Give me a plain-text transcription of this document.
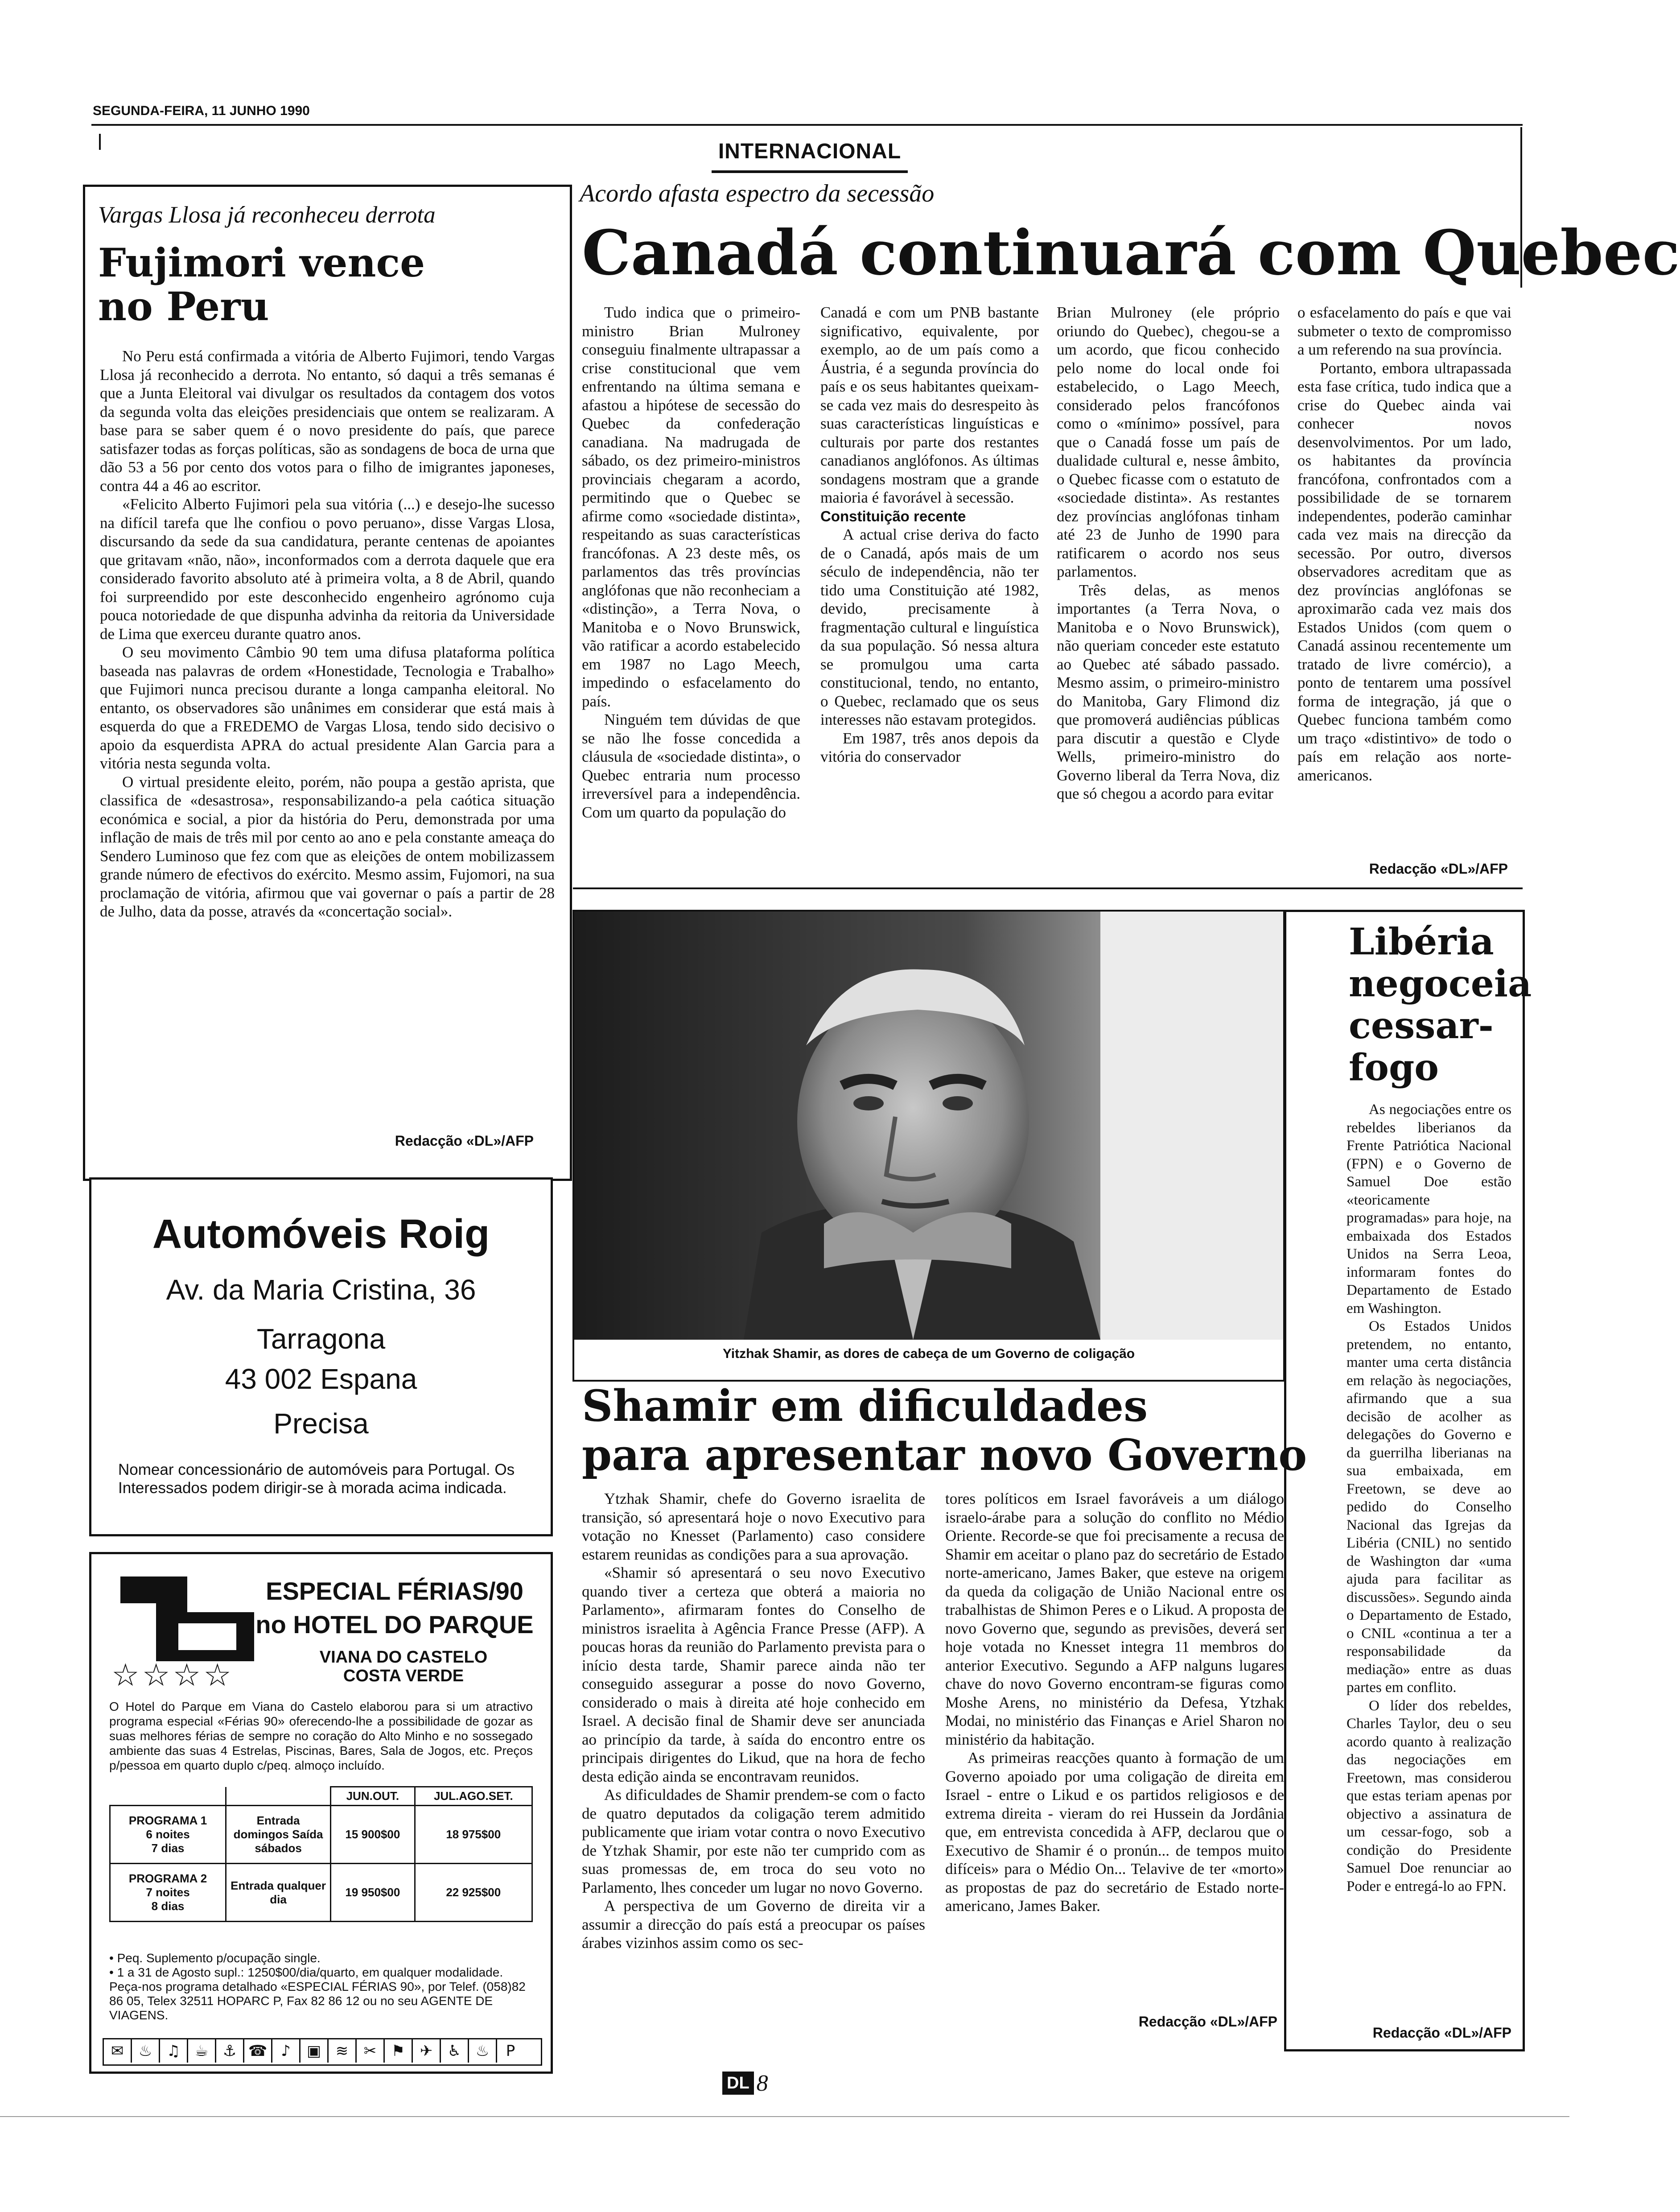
SEGUNDA-FEIRA, 11 JUNHO 1990
INTERNACIONAL
Vargas Llosa já reconheceu derrota
Fujimori vence
no Peru

No Peru está confirmada a vitória de Alberto Fujimori, tendo Vargas Llosa já reconhecido a derrota. No entanto, só daqui a três semanas é que a Junta Eleitoral vai divulgar os resultados da contagem dos votos da segunda volta das eleições presidenciais que ontem se realizaram. A base para se saber quem é o novo presidente do país, que parece satisfazer todas as forças políticas, são as sondagens de boca de urna que dão 53 a 56 por cento dos votos para o filho de imigrantes japoneses, contra 44 a 46 ao escritor.

«Felicito Alberto Fujimori pela sua vitória (...) e desejo-lhe sucesso na difícil tarefa que lhe confiou o povo peruano», disse Vargas Llosa, discursando da sede da sua candidatura, perante centenas de apoiantes que gritavam «não, não», inconformados com a derrota daquele que era considerado favorito absoluto até à primeira volta, a 8 de Abril, quando foi surpreendido por este desconhecido engenheiro agrónomo cuja pouca notoriedade de que dispunha advinha da reitoria da Universidade de Lima que exerceu durante quatro anos.

O seu movimento Câmbio 90 tem uma difusa plataforma política baseada nas palavras de ordem «Honestidade, Tecnologia e Trabalho» que Fujimori nunca precisou durante a longa campanha eleitoral. No entanto, os observadores são unânimes em considerar que está mais à esquerda do que a FREDEMO de Vargas Llosa, tendo sido decisivo o apoio da esquerdista APRA do actual presidente Alan Garcia para a vitória nesta segunda volta.

O virtual presidente eleito, porém, não poupa a gestão aprista, que classifica de «desastrosa», responsabilizando-a pela caótica situação económica e social, a pior da história do Peru, demonstrada por uma inflação de mais de três mil por cento ao ano e pela constante ameaça do Sendero Luminoso que fez com que as eleições de ontem mobilizassem grande número de efectivos do exército. Mesmo assim, Fujomori, na sua proclamação de vitória, afirmou que vai governar o país a partir de 28 de Julho, data da posse, através da «concertação social».

Redacção «DL»/AFP
Acordo afasta espectro da secessão
Canadá continuará com Quebec

Tudo indica que o primeiro-ministro Brian Mulroney conseguiu finalmente ultrapassar a crise constitucional que vem enfrentando na última semana e afastou a hipótese de secessão do Quebec da confederação canadiana. Na madrugada de sábado, os dez primeiro-ministros provinciais chegaram a acordo, permitindo que o Quebec se afirme como «sociedade distinta», respeitando as suas características francófonas. A 23 deste mês, os parlamentos das três províncias anglófonas que não reconheciam a «distinção», a Terra Nova, o Manitoba e o Novo Brunswick, vão ratificar a acordo estabelecido em 1987 no Lago Meech, impedindo o esfacelamento do país.

Ninguém tem dúvidas de que se não lhe fosse concedida a cláusula de «sociedade distinta», o Quebec entraria num processo irreversível para a independência. Com um quarto da população do

Canadá e com um PNB bastante significativo, equivalente, por exemplo, ao de um país como a Áustria, é a segunda província do país e os seus habitantes queixam-se cada vez mais do desrespeito às suas características linguísticas e culturais por parte dos restantes canadianos anglófonos. As últimas sondagens mostram que a grande maioria é favorável à secessão.

Constituição recente

A actual crise deriva do facto de o Canadá, após mais de um século de independência, não ter tido uma Constituição até 1982, devido, precisamente à fragmentação cultural e linguística da sua população. Só nessa altura se promulgou uma carta constitucional, tendo, no entanto, o Quebec, reclamado que os seus interesses não estavam protegidos.

Em 1987, três anos depois da vitória do conservador

Brian Mulroney (ele próprio oriundo do Quebec), chegou-se a um acordo, que ficou conhecido pelo nome do local onde foi estabelecido, o Lago Meech, considerado pelos francófonos como o «mínimo» possível, para que o Canadá fosse um país de dualidade cultural e, nesse âmbito, o Quebec ficasse com o estatuto de «sociedade distinta». As restantes dez províncias anglófonas tinham até 23 de Junho de 1990 para ratificarem o acordo nos seus parlamentos.

Três delas, as menos importantes (a Terra Nova, o Manitoba e o Novo Brunswick), não queriam conceder este estatuto ao Quebec até sábado passado. Mesmo assim, o primeiro-ministro do Manitoba, Gary Flimond diz que promoverá audiências públicas para discutir a questão e Clyde Wells, primeiro-ministro do Governo liberal da Terra Nova, diz que só chegou a acordo para evitar

o esfacelamento do país e que vai submeter o texto de compromisso a um referendo na sua província.

Portanto, embora ultrapassada esta fase crítica, tudo indica que a crise do Quebec ainda vai conhecer novos desenvolvimentos. Por um lado, os habitantes da província francófona, confrontados com a possibilidade de se tornarem independentes, poderão caminhar cada vez mais na direcção da secessão. Por outro, diversos observadores acreditam que as dez províncias anglófonas se aproximarão cada vez mais dos Estados Unidos (com quem o Canadá assinou recentemente um tratado de livre comércio), a ponto de tentarem uma possível forma de integração, já que o Quebec funciona também como um traço «distintivo» de todo o país em relação aos norte-americanos.

Redacção «DL»/AFP
Yitzhak Shamir, as dores de cabeça de um Governo de coligação
Shamir em dificuldades
para apresentar novo Governo

Ytzhak Shamir, chefe do Governo israelita de transição, só apresentará hoje o novo Executivo para votação no Knesset (Parlamento) caso considere estarem reunidas as condições para a sua aprovação.

«Shamir só apresentará o seu novo Executivo quando tiver a certeza que obterá a maioria no Parlamento», afirmaram fontes do Conselho de ministros israelita à Agência France Presse (AFP). A poucas horas da reunião do Parlamento prevista para o início desta tarde, Shamir parece ainda não ter conseguido assegurar a posse do novo Governo, considerado o mais à direita até hoje conhecido em Israel. A decisão final de Shamir deve ser anunciada ao princípio da tarde, à saída do encontro entre os principais dirigentes do Likud, que na hora de fecho desta edição ainda se encontravam reunidos.

As dificuldades de Shamir prendem-se com o facto de quatro deputados da coligação terem admitido publicamente que iriam votar contra o novo Executivo de Ytzhak Shamir, por este não ter cumprido com as suas promessas de, em troca do seu voto no Parlamento, lhes conceder um lugar no novo Governo.

A perspectiva de um Governo de direita vir a assumir a direcção do país está a preocupar os países árabes vizinhos assim como os sec-

tores políticos em Israel favoráveis a um diálogo israelo-árabe para a solução do conflito no Médio Oriente. Recorde-se que foi precisamente a recusa de Shamir em aceitar o plano paz do secretário de Estado norte-americano, James Baker, que esteve na origem da queda da coligação de União Nacional entre os trabalhistas de Shimon Peres e o Likud. A proposta de novo Governo que, segundo as previsões, deverá ser hoje votada no Knesset integra 11 membros do anterior Executivo. Segundo a AFP nalguns lugares chave do novo Governo encontram-se figuras como Moshe Arens, no ministério da Defesa, Ytzhak Modai, no ministério das Finanças e Ariel Sharon no ministério da habitação.

As primeiras reacções quanto à formação de um Governo apoiado por uma coligação de direita em Israel - entre o Likud e os partidos religiosos e de extrema direita - vieram do rei Hussein da Jordânia que, em entrevista concedida à AFP, declarou que o Executivo de Shamir é o pronún... de tempos muito difíceis» para o Médio On... Telavive de ter «morto» as propostas de paz do secretário de Estado norte-americano, James Baker.

Redacção «DL»/AFP
Libéria
negoceia
cessar-
fogo

As negociações entre os rebeldes liberianos da Frente Patriótica Nacional (FPN) e o Governo de Samuel Doe estão «teoricamente programadas» para hoje, na embaixada dos Estados Unidos na Serra Leoa, informaram fontes do Departamento de Estado em Washington.

Os Estados Unidos pretendem, no entanto, manter uma certa distância em relação às negociações, afirmando que a sua decisão de acolher as delegações do Governo e da guerrilha liberianas na sua embaixada, em Freetown, se deve ao pedido do Conselho Nacional das Igrejas da Libéria (CNIL) no sentido de Washington dar «uma ajuda para facilitar as discussões». Segundo ainda o Departamento de Estado, o CNIL «continua a ter a responsabilidade da mediação» entre as duas partes em conflito.

O líder dos rebeldes, Charles Taylor, deu o seu acordo quanto à realização das negociações em Freetown, mas considerou que estas teriam apenas por objectivo a assinatura de um cessar-fogo, sob a condição do Presidente Samuel Doe renunciar ao Poder e entregá-lo ao FPN.

Redacção «DL»/AFP
Automóveis Roig
Av. da Maria Cristina, 36
Tarragona
43 002 Espana
Precisa
Nomear concessionário de automóveis para Portugal. Os Interessados podem dirigir-se à morada acima indicada.
ESPECIAL FÉRIAS/90
no HOTEL DO PARQUE
VIANA DO CASTELO
COSTA VERDE
☆☆☆☆
O Hotel do Parque em Viana do Castelo elaborou para si um atractivo programa especial «Férias 90» oferecendo-lhe a possibilidade de gozar as suas melhores férias de sempre no coração do Alto Minho e no sossegado ambiente das suas 4 Estrelas, Piscinas, Bares, Sala de Jogos, etc. Preços p/pessoa em quarto duplo c/peq. almoço incluído.
		JUN.OUT.	JUL.AGO.SET.

PROGRAMA 1
6 noites
7 dias	Entrada domingos Saída sábados	15 900$00	18 975$00

PROGRAMA 2
7 noites
8 dias	Entrada qualquer dia	19 950$00	22 925$00
• Peq. Suplemento p/ocupação single.
• 1 a 31 de Agosto supl.: 1250$00/dia/quarto, em qualquer modalidade.
Peça-nos programa detalhado «ESPECIAL FÉRIAS 90», por Telef. (058)82 86 05, Telex 32511 HOPARC P, Fax 82 86 12 ou no seu AGENTE DE VIAGENS.
✉ ♨ ♫ ☕ ⚓ ☎ ♪ ▣ ≋ ✂ ⚑ ✈ ♿ ♨ P
DL 8
